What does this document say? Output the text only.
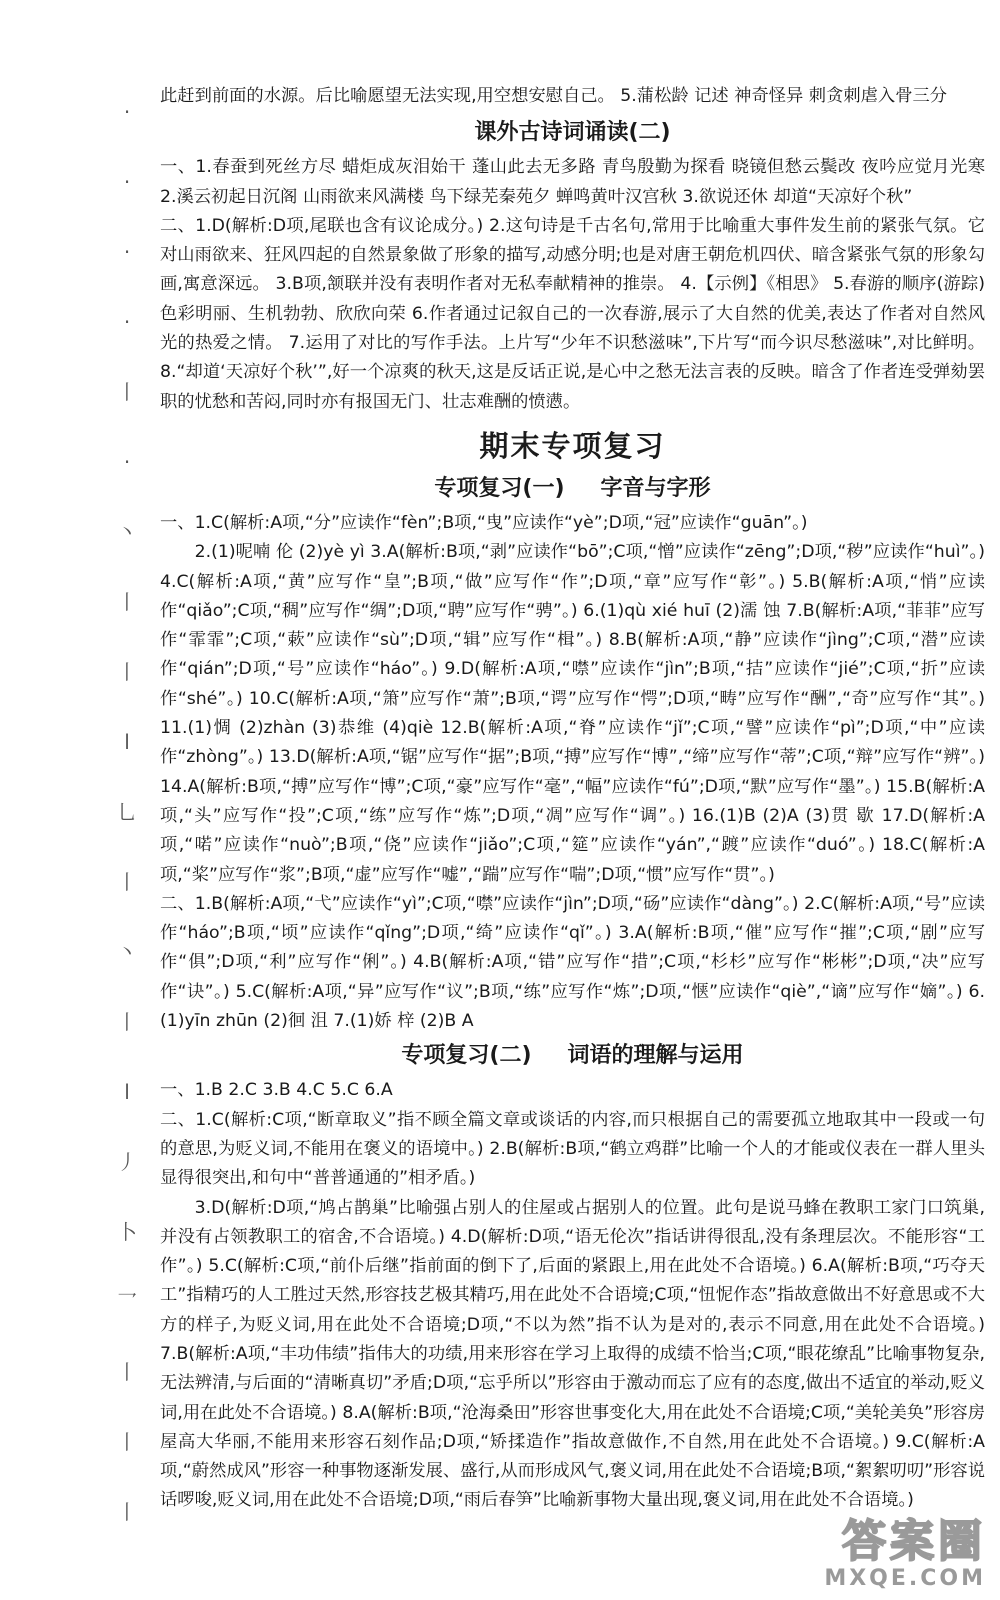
·
·
·
·
丨
·
丶
丨
丨
l
乚
丨
丶
丨
l
丿
卜
乛
丨
丨
丨

此赶到前面的水源。后比喻愿望无法实现,用空想安慰自己。 5.蒲松龄 记述 神奇怪异 刺贪刺虐入骨三分

课外古诗词诵读(二)

一、1.春蚕到死丝方尽 蜡炬成灰泪始干 蓬山此去无多路 青鸟殷勤为探看 晓镜但愁云鬓改 夜吟应觉月光寒 2.溪云初起日沉阁 山雨欲来风满楼 鸟下绿芜秦苑夕 蝉鸣黄叶汉宫秋 3.欲说还休 却道“天凉好个秋”

二、1.D(解析:D项,尾联也含有议论成分。) 2.这句诗是千古名句,常用于比喻重大事件发生前的紧张气氛。它对山雨欲来、狂风四起的自然景象做了形象的描写,动感分明;也是对唐王朝危机四伏、暗含紧张气氛的形象勾画,寓意深远。 3.B项,颔联并没有表明作者对无私奉献精神的推崇。 4.【示例】《相思》 5.春游的顺序(游踪) 色彩明丽、生机勃勃、欣欣向荣 6.作者通过记叙自己的一次春游,展示了大自然的优美,表达了作者对自然风光的热爱之情。 7.运用了对比的写作手法。上片写“少年不识愁滋味”,下片写“而今识尽愁滋味”,对比鲜明。 8.“却道‘天凉好个秋’”,好一个凉爽的秋天,这是反话正说,是心中之愁无法言表的反映。暗含了作者连受弹劾罢职的忧愁和苦闷,同时亦有报国无门、壮志难酬的愤懑。

期末专项复习
专项复习(一) 字音与字形

一、1.C(解析:A项,“分”应读作“fèn”;B项,“曳”应读作“yè”;D项,“冠”应读作“guān”。)

2.(1)呢喃 伦 (2)yè yì 3.A(解析:B项,“剥”应读作“bō”;C项,“憎”应读作“zēng”;D项,“秽”应读作“huì”。) 4.C(解析:A项,“黄”应写作“皇”;B项,“做”应写作“作”;D项,“章”应写作“彰”。) 5.B(解析:A项,“悄”应读作“qiǎo”;C项,“稠”应写作“绸”;D项,“聘”应写作“骋”。) 6.(1)qù xié huī (2)濡 蚀 7.B(解析:A项,“菲菲”应写作“霏霏”;C项,“蔌”应读作“sù”;D项,“辑”应写作“楫”。) 8.B(解析:A项,“静”应读作“jìng”;C项,“潜”应读作“qián”;D项,“号”应读作“háo”。) 9.D(解析:A项,“噤”应读作“jìn”;B项,“拮”应读作“jié”;C项,“折”应读作“shé”。) 10.C(解析:A项,“箫”应写作“萧”;B项,“谔”应写作“愕”;D项,“畴”应写作“酬”,“奇”应写作“其”。) 11.(1)惆 (2)zhàn (3)恭维 (4)qiè 12.B(解析:A项,“脊”应读作“jǐ”;C项,“譬”应读作“pì”;D项,“中”应读作“zhòng”。) 13.D(解析:A项,“锯”应写作“据”;B项,“搏”应写作“博”,“缔”应写作“蒂”;C项,“辩”应写作“辨”。) 14.A(解析:B项,“搏”应写作“博”;C项,“豪”应写作“毫”,“幅”应读作“fú”;D项,“默”应写作“墨”。) 15.B(解析:A项,“头”应写作“投”;C项,“练”应写作“炼”;D项,“凋”应写作“调”。) 16.(1)B (2)A (3)贯 歇 17.D(解析:A项,“喏”应读作“nuò”;B项,“侥”应读作“jiǎo”;C项,“筵”应读作“yán”,“踱”应读作“duó”。) 18.C(解析:A项,“桨”应写作“浆”;B项,“虚”应写作“嘘”,“踹”应写作“喘”;D项,“惯”应写作“贯”。)

二、1.B(解析:A项,“弋”应读作“yì”;C项,“噤”应读作“jìn”;D项,“砀”应读作“dàng”。) 2.C(解析:A项,“号”应读作“háo”;B项,“顷”应读作“qǐng”;D项,“绮”应读作“qǐ”。) 3.A(解析:B项,“催”应写作“摧”;C项,“剧”应写作“俱”;D项,“利”应写作“俐”。) 4.B(解析:A项,“错”应写作“措”;C项,“杉杉”应写作“彬彬”;D项,“决”应写作“诀”。) 5.C(解析:A项,“异”应写作“议”;B项,“练”应写作“炼”;D项,“惬”应读作“qiè”,“谪”应写作“嫡”。) 6.(1)yīn zhūn (2)徊 沮 7.(1)娇 梓 (2)B A

专项复习(二) 词语的理解与运用

一、1.B 2.C 3.B 4.C 5.C 6.A

二、1.C(解析:C项,“断章取义”指不顾全篇文章或谈话的内容,而只根据自己的需要孤立地取其中一段或一句的意思,为贬义词,不能用在褒义的语境中。) 2.B(解析:B项,“鹤立鸡群”比喻一个人的才能或仪表在一群人里头显得很突出,和句中“普普通通的”相矛盾。)

3.D(解析:D项,“鸠占鹊巢”比喻强占别人的住屋或占据别人的位置。此句是说马蜂在教职工家门口筑巢,并没有占领教职工的宿舍,不合语境。) 4.D(解析:D项,“语无伦次”指话讲得很乱,没有条理层次。不能形容“工作”。) 5.C(解析:C项,“前仆后继”指前面的倒下了,后面的紧跟上,用在此处不合语境。) 6.A(解析:B项,“巧夺天工”指精巧的人工胜过天然,形容技艺极其精巧,用在此处不合语境;C项,“忸怩作态”指故意做出不好意思或不大方的样子,为贬义词,用在此处不合语境;D项,“不以为然”指不认为是对的,表示不同意,用在此处不合语境。) 7.B(解析:A项,“丰功伟绩”指伟大的功绩,用来形容在学习上取得的成绩不恰当;C项,“眼花缭乱”比喻事物复杂,无法辨清,与后面的“清晰真切”矛盾;D项,“忘乎所以”形容由于激动而忘了应有的态度,做出不适宜的举动,贬义词,用在此处不合语境。) 8.A(解析:B项,“沧海桑田”形容世事变化大,用在此处不合语境;C项,“美轮美奂”形容房屋高大华丽,不能用来形容石刻作品;D项,“矫揉造作”指故意做作,不自然,用在此处不合语境。) 9.C(解析:A项,“蔚然成风”形容一种事物逐渐发展、盛行,从而形成风气,褒义词,用在此处不合语境;B项,“絮絮叨叨”形容说话啰唆,贬义词,用在此处不合语境;D项,“雨后春笋”比喻新事物大量出现,褒义词,用在此处不合语境。)

答案圈
MXQE.COM
